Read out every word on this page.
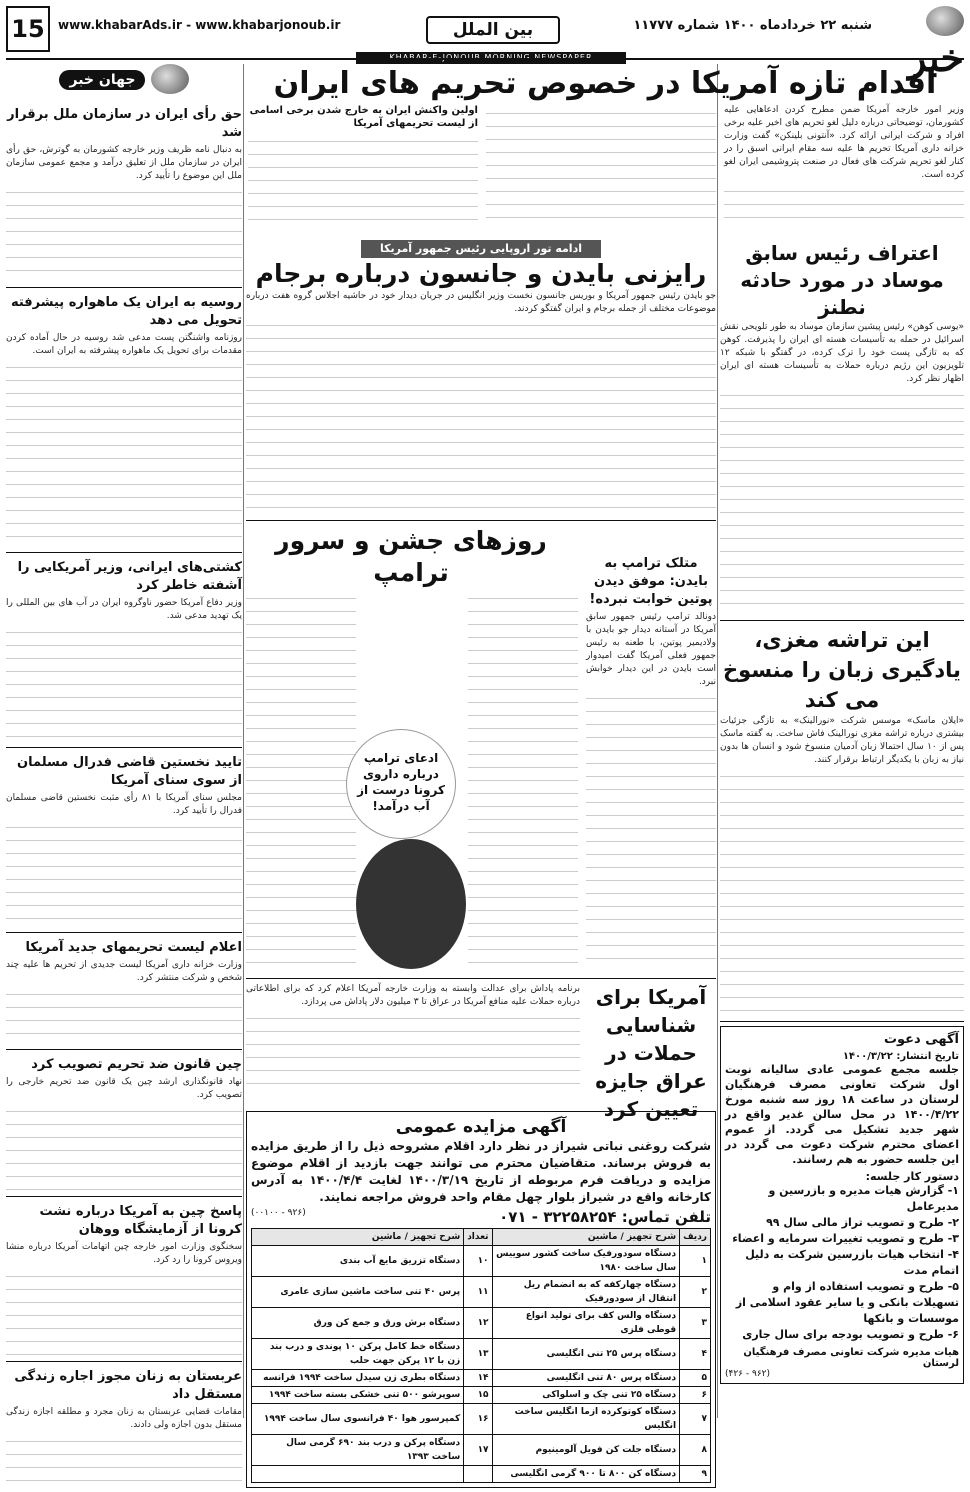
خبر
شنبه ۲۲ خردادماه ۱۴۰۰ شماره ۱۱۷۷۷
بین الملل
www.khabarAds.ir - www.khabarjonoub.ir
15
KHABAR-E-JONOUB MORNING NEWSPAPER
جهان خبر
حق رأی ایران در سازمان ملل برقرار شد
به دنبال نامه ظریف وزیر خارجه کشورمان به گوترش، حق رأی ایران در سازمان ملل از تعلیق درآمد و مجمع عمومی سازمان ملل این موضوع را تأیید کرد.
روسیه به ایران یک ماهواره پیشرفته تحویل می دهد
روزنامه واشنگتن پست مدعی شد روسیه در حال آماده کردن مقدمات برای تحویل یک ماهواره پیشرفته به ایران است.
کشتی‌های ایرانی، وزیر آمریکایی را آشفته خاطر کرد
وزیر دفاع آمریکا حضور ناوگروه ایران در آب های بین المللی را یک تهدید مدعی شد.
تایید نخستین قاضی فدرال مسلمان از سوی سنای آمریکا
مجلس سنای آمریکا با ۸۱ رأی مثبت نخستین قاضی مسلمان فدرال را تأیید کرد.
اعلام لیست تحریمهای جدید آمریکا
وزارت خزانه داری آمریکا لیست جدیدی از تحریم ها علیه چند شخص و شرکت منتشر کرد.
چین قانون ضد تحریم تصویب کرد
نهاد قانونگذاری ارشد چین یک قانون ضد تحریم خارجی را تصویب کرد.
پاسخ چین به آمریکا درباره نشت کرونا از آزمایشگاه ووهان
سخنگوی وزارت امور خارجه چین اتهامات آمریکا درباره منشا ویروس کرونا را رد کرد.
عربستان به زنان مجوز اجاره زندگی مستقل داد
مقامات قضایی عربستان به زنان مجرد و مطلقه اجازه زندگی مستقل بدون اجازه ولی دادند.
اقدام تازه آمریکا در خصوص تحریم های ایران
وزیر امور خارجه آمریکا ضمن مطرح کردن ادعاهایی علیه کشورمان، توضیحاتی درباره دلیل لغو تحریم های اخیر علیه برخی افراد و شرکت ایرانی ارائه کرد. «آنتونی بلینکن» گفت وزارت خزانه داری آمریکا تحریم ها علیه سه مقام ایرانی اسبق را در کنار لغو تحریم شرکت های فعال در صنعت پتروشیمی ایران لغو کرده است.
اولین واکنش ایران به خارج شدن برخی اسامی از لیست تحریمهای آمریکا
ادامه تور اروپایی رئیس جمهور آمریکا
رایزنی بایدن و جانسون درباره برجام
جو بایدن رئیس جمهور آمریکا و بوریس جانسون نخست وزیر انگلیس در جریان دیدار خود در حاشیه اجلاس گروه هفت درباره موضوعات مختلف از جمله برجام و ایران گفتگو کردند.
روزهای جشن و سرور ترامپ	متلک ترامپ به بایدن: موفق دیدن پوتین خوابت نبرده!
دونالد ترامپ رئیس جمهور سابق آمریکا در آستانه دیدار جو بایدن با ولادیمیر پوتین، با طعنه به رئیس جمهور فعلی آمریکا گفت امیدوار است بایدن در این دیدار خوابش نبرد.
ادعای ترامپ درباره داروی کرونا درست از آب درآمد!
آمریکا برای شناسایی حملات در عراق جایزه تعیین کرد
برنامه پاداش برای عدالت وابسته به وزارت خارجه آمریکا اعلام کرد که برای اطلاعاتی درباره حملات علیه منافع آمریکا در عراق تا ۳ میلیون دلار پاداش می پردازد.
آگهی مزایده عمومی
شرکت روغنی نباتی شیراز در نظر دارد اقلام مشروحه ذیل را از طریق مزایده به فروش برساند. متقاضیان محترم می توانند جهت بازدید از اقلام موضوع مزایده و دریافت فرم مربوطه از تاریخ ۱۴۰۰/۳/۱۹ لغایت ۱۴۰۰/۴/۴ به آدرس کارخانه واقع در شیراز بلوار چهل مقام واحد فروش مراجعه نمایند.
تلفن تماس: ۳۲۲۵۸۲۵۴ - ۰۷۱
(۹۲۶ - ۰۰۱۰۰)
ردیف	شرح تجهیز / ماشین	تعداد	شرح تجهیز / ماشین
۱	دستگاه سودورفیک ساخت کشور سوییس سال ساخت ۱۹۸۰	۱۰	دستگاه تزریق مایع آب بندی
۲	دستگاه چهارکفه که به انضمام ریل انتقال از سودورفیک	۱۱	پرس ۴۰ تنی ساخت ماشین سازی عامری
۳	دستگاه والس کف برای تولید انواع قوطی فلزی	۱۲	دستگاه برش ورق و جمع کن ورق
۴	دستگاه پرس ۲۵ تنی انگلیسی	۱۳	دستگاه خط کامل پرکن ۱۰ پوندی و درب بند زن با ۱۲ پرکن جهت حلب
۵	دستگاه پرس ۸۰ تنی انگلیسی	۱۴	دستگاه بطری زن سیدل ساخت ۱۹۹۴ فرانسه
۶	دستگاه ۲۵ تنی چک و اسلواکی	۱۵	سوپرشو ۵۰۰ تنی خشکی بسته ساخت ۱۹۹۴
۷	دستگاه کوتوکرده ازما انگلیس ساخت انگلیس	۱۶	کمپرسور هوا ۴۰ فرانسوی سال ساخت ۱۹۹۴
۸	دستگاه جلت کن فویل آلومینیوم	۱۷	دستگاه پرکن و درب بند ۶۹۰ گرمی سال ساخت ۱۳۹۳
۹	دستگاه کن ۸۰۰ تا ۹۰۰ گرمی انگلیسی		
اعتراف رئیس سابق موساد در مورد حادثه نطنز
«یوسی کوهن» رئیس پیشین سازمان موساد به طور تلویحی نقش اسرائیل در حمله به تأسیسات هسته ای ایران را پذیرفت. کوهن که به تازگی پست خود را ترک کرده، در گفتگو با شبکه ۱۲ تلویزیون این رژیم درباره حملات به تأسیسات هسته ای ایران اظهار نظر کرد.
این تراشه مغزی، یادگیری زبان را منسوخ می کند
«ایلان ماسک» موسس شرکت «نورالینک» به تازگی جزئیات بیشتری درباره تراشه مغزی نورالینک فاش ساخت. به گفته ماسک پس از ۱۰ سال احتمالا زبان آدمیان منسوخ شود و انسان ها بدون نیاز به زبان با یکدیگر ارتباط برقرار کنند.
آگهی دعوت
تاریخ انتشار: ۱۴۰۰/۳/۲۲
جلسه مجمع عمومی عادی سالیانه نوبت اول شرکت تعاونی مصرف فرهنگیان لرستان در ساعت ۱۸ روز سه شنبه مورخ ۱۴۰۰/۴/۲۲ در محل سالن غدیر واقع در شهر جدید تشکیل می گردد. از عموم اعضای محترم شرکت دعوت می گردد در این جلسه حضور به هم رسانند.
دستور کار جلسه:
۱- گزارش هیات مدیره و بازرسین و مدیرعامل
۲- طرح و تصویب تراز مالی سال ۹۹
۳- طرح و تصویب تغییرات سرمایه و اعضاء
۴- انتخاب هیات بازرسین شرکت به دلیل اتمام مدت
۵- طرح و تصویب استفاده از وام و تسهیلات بانکی و یا سایر عقود اسلامی از موسسات و بانکها
۶- طرح و تصویب بودجه برای سال جاری
هیات مدیره شرکت تعاونی مصرف فرهنگیان لرستان
(۹۶۲ - ۴۲۶)
